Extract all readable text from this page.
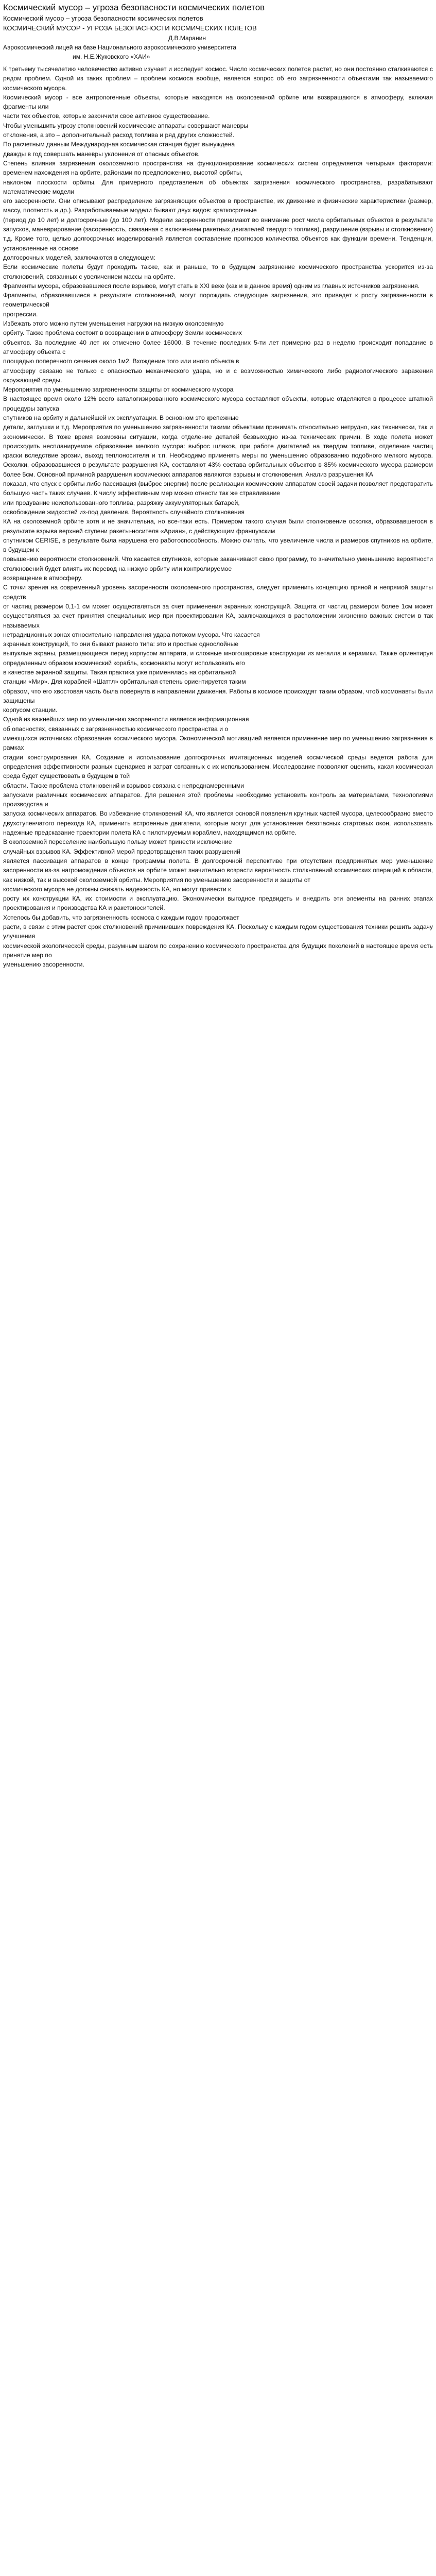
Космический мусор – угроза безопасности космических полетов
Космический мусор – угроза безопасности космических полетов
КОСМИЧЕСКИЙ МУСОР - УГРОЗА БЕЗОПАСНОСТИ КОСМИЧЕСКИХ ПОЛЕТОВ
Д.В.Маранин
Аэрокосмический лицей на базе Национального аэрокосмического университета
им. Н.Е.Жуковского «ХАИ»

К третьему тысячелетию человечество активно изучает и исследует космос. Число космических полетов растет, но они постоянно сталкиваются с рядом проблем. Одной из таких проблем – проблем космоса вообще, является вопрос об его загрязненности объектами так называемого космического мусора.

Космический мусор - все антропогенные объекты, которые находятся на околоземной орбите или возвращаются в атмосферу, включая фрагменты или

части тех объектов, которые закончили свое активное существование.

Чтобы уменьшить угрозу столкновений космические аппараты совершают маневры

отклонения, а это – дополнительный расход топлива и ряд других сложностей.

По расчетным данным Международная космическая станция будет вынуждена

дважды в год совершать маневры уклонения от опасных объектов.

Степень влияния загрязнения околоземного пространства на функционирование космических систем определяется четырьмя факторами: временем нахождения на орбите, районами по предположению, высотой орбиты,

наклоном плоскости орбиты. Для примерного представления об объектах загрязнения космического пространства, разрабатывают математические модели

его засоренности. Они описывают распределение загрязняющих объектов в пространстве, их движение и физические характеристики (размер, массу, плотность и др.). Разработываемые модели бывают двух видов: краткосрочные

(период до 10 лет) и долгосрочные (до 100 лет). Модели засоренности принимают во внимание рост числа орбитальных объектов в результате запусков, маневрирование (засоренность, связанная с включением ракетных двигателей твердого топлива), разрушение (взрывы и столкновения) т.д. Кроме того, целью долгосрочных моделирований является составление прогнозов количества объектов как функции времени. Тенденции, установленные на основе

долгосрочных моделей, заключаются в следующем:

Если космические полеты будут проходить также, как и раньше, то в будущем загрязнение космического пространства ускорится из-за столкновений, связанных с увеличением массы на орбите.

Фрагменты мусора, образовавшиеся после взрывов, могут стать в XXI веке (как и в данное время) одним из главных источников загрязнения.

Фрагменты, образовавшиеся в результате столкновений, могут порождать следующие загрязнения, это приведет к росту загрязненности в геометрической

прогрессии.

Избежать этого можно путем уменьшения нагрузки на низкую околоземную

орбиту. Также проблема состоит в возвращении в атмосферу Земли космических

объектов. За последние 40 лет их отмечено более 16000. В течение последних 5-ти лет примерно раз в неделю происходит попадание в атмосферу объекта с

площадью поперечного сечения около 1м2. Вхождение того или иного объекта в

атмосферу связано не только с опасностью механического удара, но и с возможностью химического либо радиологического заражения окружающей среды.

Мероприятия по уменьшению загрязненности защиты от космического мусора

В настоящее время около 12% всего каталогизированного космического мусора составляют объекты, которые отделяются в процессе штатной процедуры запуска

спутников на орбиту и дальнейшей их эксплуатации. В основном это крепежные

детали, заглушки и т.д. Мероприятия по уменьшению загрязненности такими объектами принимать относительно нетрудно, как технически, так и экономически. В тоже время возможны ситуации, когда отделение деталей безвыходно из-за технических причин. В ходе полета может происходить неспланируемое образование мелкого мусора: выброс шлаков, при работе двигателей на твердом топливе, отделение частиц краски вследствие эрозии, выход теплоносителя и т.п. Необходимо применять меры по уменьшению образованию подобного мелкого мусора. Осколки, образовавшиеся в результате разрушения КА, составляют 43% состава орбитальных объектов в 85% космического мусора размером более 5см. Основной причиной разрушения космических аппаратов являются взрывы и столкновения. Анализ разрушения КА

показал, что спуск с орбиты либо пассивация (выброс энергии) после реализации космическим аппаратом своей задачи позволяет предотвратить большую часть таких случаев. К числу эффективным мер можно отнести так же стравливание

или продувание неиспользованного топлива, разряжку аккумуляторных батарей,

освобождение жидкостей из-под давления. Вероятность случайного столкновения

КА на околоземной орбите хотя и не значительна, но все-таки есть. Примером такого случая были столкновение осколка, образовавшегося в результате взрыва верхней ступени ракеты-носителя «Ариан», с действующим французским

спутником CERISE, в результате была нарушена его работоспособность. Можно считать, что увеличение числа и размеров спутников на орбите, в будущем к

повышению вероятности столкновений. Что касается спутников, которые заканчивают свою программу, то значительно уменьшению вероятности столкновений будет влиять их перевод на низкую орбиту или контролируемое

возвращение в атмосферу.

С точки зрения на современный уровень засоренности околоземного пространства, следует применить концепцию пряной и непрямой защиты средств

от частиц размером 0,1-1 см может осуществляться за счет применения экранных конструкций. Защита от частиц размером более 1см может осуществляться за счет принятия специальных мер при проектировании КА, заключающихся в расположении жизненно важных систем в так называемых

нетрадиционных зонах относительно направления удара потоком мусора. Что касается

экранных конструкций, то они бывают разного типа: это и простые однослойные

выпуклые экраны, размещающиеся перед корпусом аппарата, и сложные многошаровые конструкции из металла и керамики. Также ориентируя определенным образом космический корабль, космонавты могут использовать его

в качестве экранной защиты. Такая практика уже применялась на орбитальной

станции «Мир». Для кораблей «Шаттл» орбитальная степень ориентируется таким

образом, что его хвостовая часть была повернута в направлении движения. Работы в космосе происходят таким образом, чтоб космонавты были защищены

корпусом станции.

Одной из важнейших мер по уменьшению засоренности является информационная

об опасностях, связанных с загрязненностью космического пространства и о

имеющихся источниках образования космического мусора. Экономической мотивацией является применение мер по уменьшению загрязнения в рамках

стадии конструирования КА. Создание и использование долгосрочных имитационных моделей космической среды ведется работа для определения эффективности разных сценариев и затрат связанных с их использованием. Исследование позволяют оценить, какая космическая среда будет существовать в будущем в той

области. Также проблема столкновений и взрывов связана с непреднамеренными

запусками различных космических аппаратов. Для решения этой проблемы необходимо установить контроль за материалами, технологиями производства и

запуска космических аппаратов. Во избежание столкновений КА, что является основой появления крупных частей мусора, целесообразно вместо двухступенчатого перехода КА, применить встроенные двигатели, которые могут для установления безопасных стартовых окон, использовать надежные предсказание траектории полета КА с пилотируемым кораблем, находящимся на орбите.

В околоземной переселение наибольшую пользу может принести исключение

случайных взрывов КА. Эффективной мерой предотвращения таких разрушений

является пассивация аппаратов в конце программы полета. В долгосрочной перспективе при отсутствии предпринятых мер уменьшение засоренности из-за нагромождения объектов на орбите может значительно возрасти вероятность столкновений космических операций в области, как низкой, так и высокой околоземной орбиты. Мероприятия по уменьшению засоренности и защиты от

космического мусора не должны снижать надежность КА, но могут привести к

росту их конструкции КА, их стоимости и эксплуатацию. Экономически выгодное предвидеть и внедрить эти элементы на ранних этапах проектирования и производства КА и ракетоносителей.

Хотелось бы добавить, что загрязненность космоса с каждым годом продолжает

расти, в связи с этим растет срок столкновений причинивших повреждения КА. Поскольку с каждым годом существования техники решить задачу улучшения

космической экологической среды, разумным шагом по сохранению космического пространства для будущих поколений в настоящее время есть принятие мер по

уменьшению засоренности.
